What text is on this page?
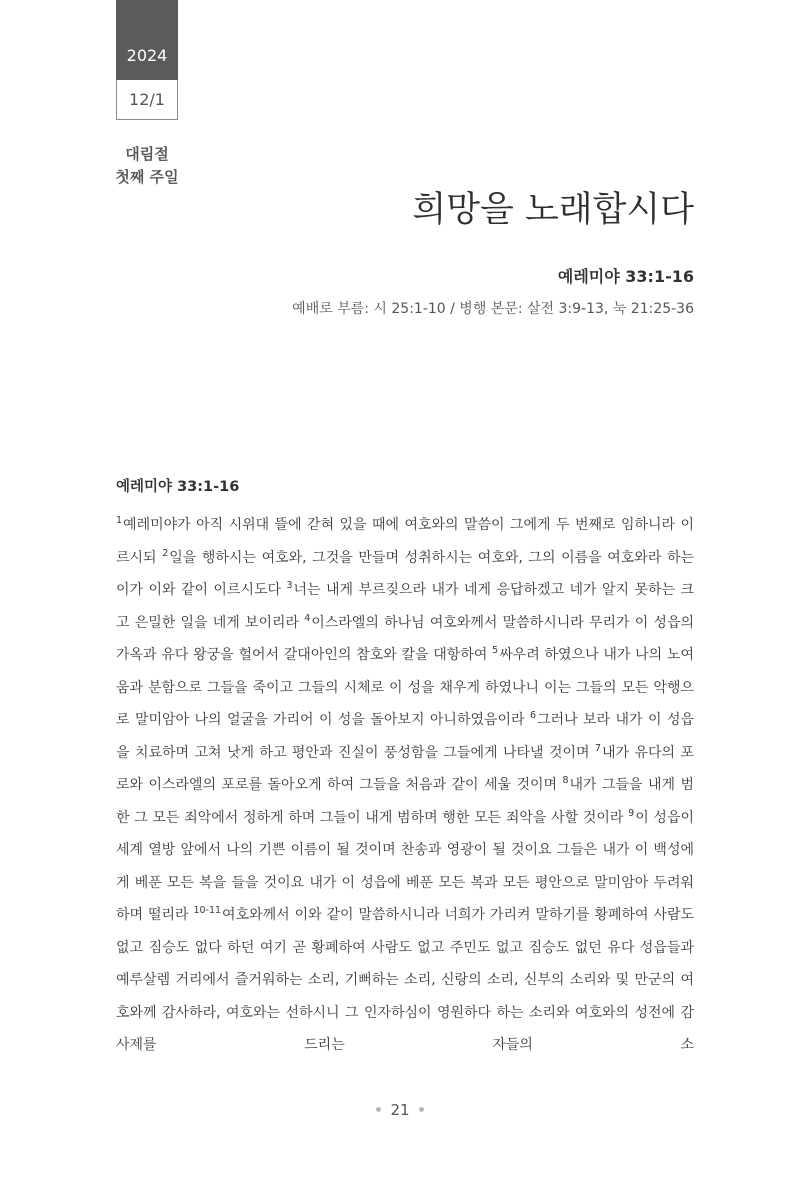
2024
12/1
대림절
첫째 주일
희망을 노래합시다
예레미야 33:1-16
예배로 부름: 시 25:1-10 / 병행 본문: 살전 3:9-13, 눅 21:25-36
예레미야 33:1-16
$^1$예레미야가 아직 시위대 뜰에 갇혀 있을 때에 여호와의 말씀이 그에게 두 번째로 임하니라 이르시되 $^2$일을 행하시는 여호와, 그것을 만들며 성취하시는 여호와, 그의 이름을 여호와라 하는 이가 이와 같이 이르시도다 $^3$너는 내게 부르짖으라 내가 네게 응답하겠고 네가 알지 못하는 크고 은밀한 일을 네게 보이리라 $^4$이스라엘의 하나님 여호와께서 말씀하시니라 무리가 이 성읍의 가옥과 유다 왕궁을 헐어서 갈대아인의 참호와 칼을 대항하여 $^5$싸우려 하였으나 내가 나의 노여움과 분함으로 그들을 죽이고 그들의 시체로 이 성을 채우게 하였나니 이는 그들의 모든 악행으로 말미암아 나의 얼굴을 가리어 이 성을 돌아보지 아니하였음이라 $^6$그러나 보라 내가 이 성읍을 치료하며 고쳐 낫게 하고 평안과 진실이 풍성함을 그들에게 나타낼 것이며 $^7$내가 유다의 포로와 이스라엘의 포로를 돌아오게 하여 그들을 처음과 같이 세울 것이며 $^8$내가 그들을 내게 범한 그 모든 죄악에서 정하게 하며 그들이 내게 범하며 행한 모든 죄악을 사할 것이라 $^9$이 성읍이 세계 열방 앞에서 나의 기쁜 이름이 될 것이며 찬송과 영광이 될 것이요 그들은 내가 이 백성에게 베푼 모든 복을 들을 것이요 내가 이 성읍에 베푼 모든 복과 모든 평안으로 말미암아 두려워하며 떨리라 $^{10-11}$여호와께서 이와 같이 말씀하시니라 너희가 가리켜 말하기를 황폐하여 사람도 없고 짐승도 없다 하던 여기 곧 황폐하여 사람도 없고 주민도 없고 짐승도 없던 유다 성읍들과 예루살렘 거리에서 즐거워하는 소리, 기뻐하는 소리, 신랑의 소리, 신부의 소리와 및 만군의 여호와께 감사하라, 여호와는 선하시니 그 인자하심이 영원하다 하는 소리와 여호와의 성전에 감사제를 드리는 자들의 소
21
